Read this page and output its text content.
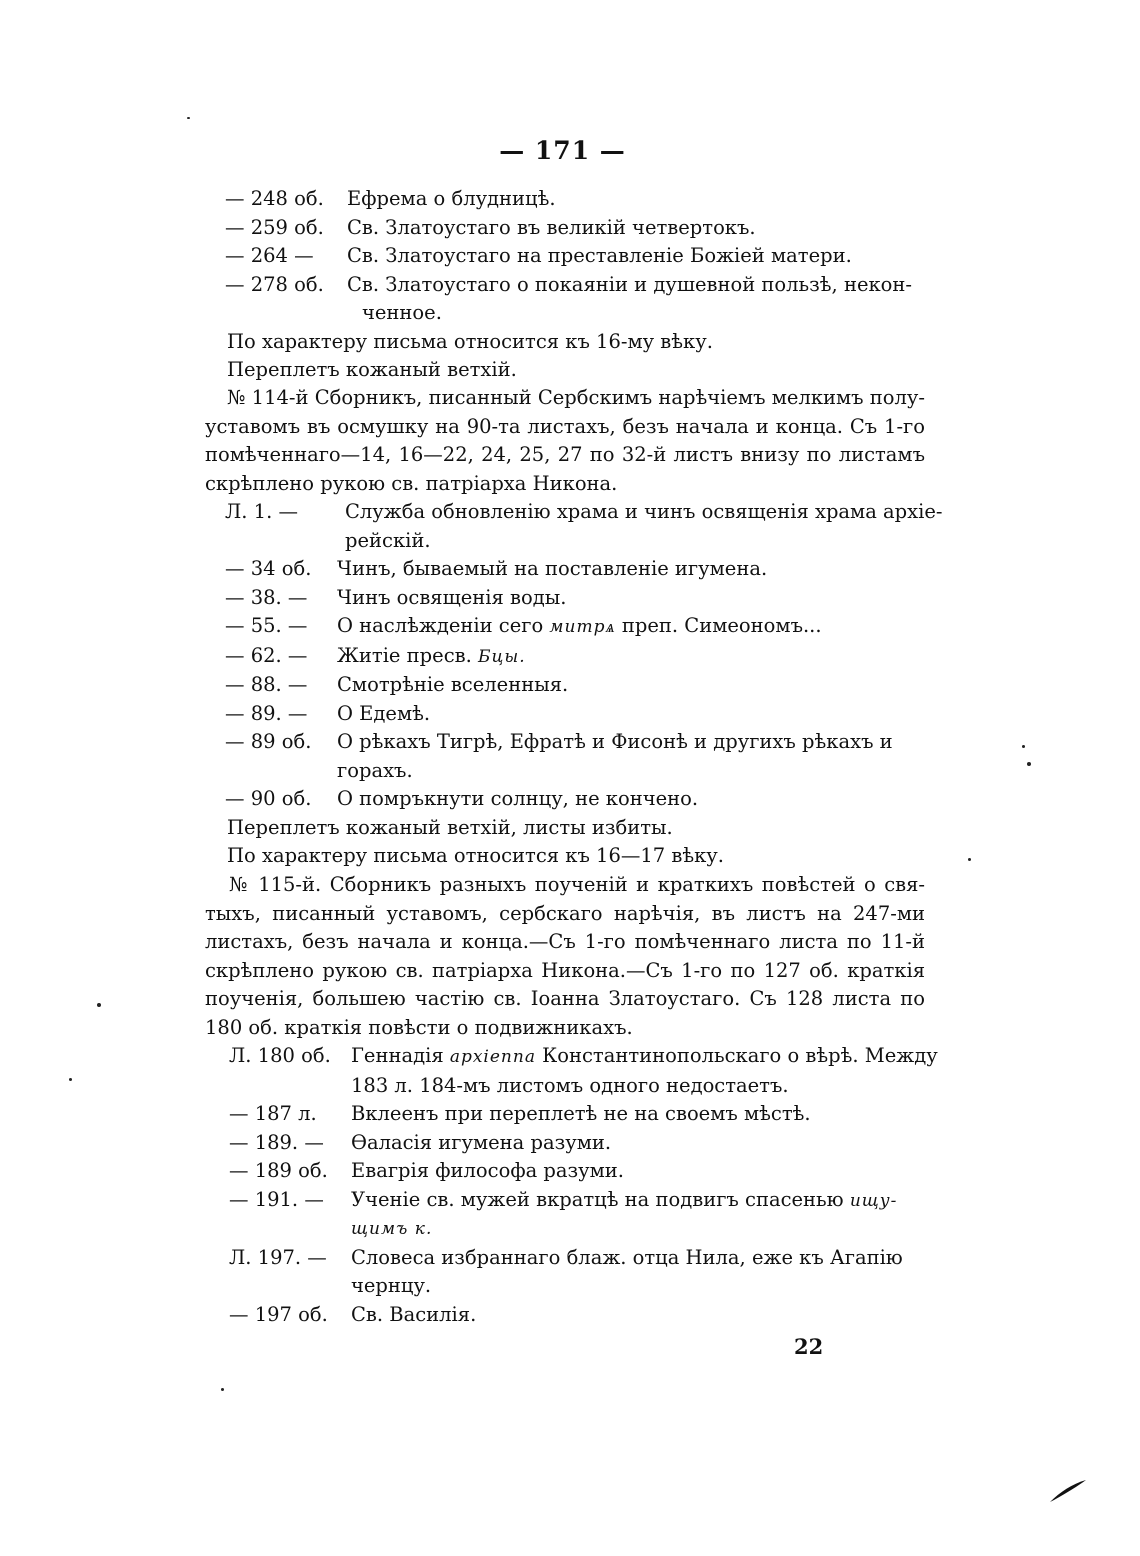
— 171 —
— 248 об. Ефрема о блудницѣ.
— 259 об. Св. Златоустаго въ великій четвертокъ.
— 264 — Св. Златоустаго на преставленіе Божіей матери.
— 278 об. Св. Златоустаго о покаяніи и душевной пользѣ, некон-
ченное.
По характеру письма относится къ 16-му вѣку.
Переплетъ кожаный ветхій.
№ 114-й Сборникъ, писанный Сербскимъ нарѣчіемъ мелкимъ полу-
уставомъ въ осмушку на 90-та листахъ, безъ начала и конца. Съ 1-го
помѣченнаго—14, 16—22, 24, 25, 27 по 32-й листъ внизу по листамъ
скрѣплено рукою св. патріарха Никона.
Л. 1. — Служба обновленію храма и чинъ освященія храма архіе-
рейскій.
— 34 об. Чинъ, бываемый на поставленіе игумена.
— 38. — Чинъ освященія воды.
— 55. — О наслѣжденіи сего митрѧ преп. Симеономъ...
— 62. — Житіе пресв. Бцы.
— 88. — Смотрѣніе вселенныя.
— 89. — О Едемѣ.
— 89 об. О рѣкахъ Тигрѣ, Ефратѣ и Фисонѣ и другихъ рѣкахъ и
горахъ.
— 90 об. О помръкнути солнцу, не кончено.
Переплетъ кожаный ветхій, листы избиты.
По характеру письма относится къ 16—17 вѣку.
№ 115-й. Сборникъ разныхъ поученій и краткихъ повѣстей о свя-
тыхъ, писанный уставомъ, сербскаго нарѣчія, въ листъ на 247-ми
листахъ, безъ начала и конца.—Съ 1-го помѣченнаго листа по 11-й
скрѣплено рукою св. патріарха Никона.—Съ 1-го по 127 об. краткія
поученія, большею частію св. Іоанна Златоустаго. Съ 128 листа по
180 об. краткія повѣсти о подвижникахъ.
Л. 180 об. Геннадія архіеппа Константинопольскаго о вѣрѣ. Между
183 л. 184-мъ листомъ одного недостаетъ.
— 187 л. Вклеенъ при переплетѣ не на своемъ мѣстѣ.
— 189. — Ѳаласія игумена разуми.
— 189 об. Евагрія философа разуми.
— 191. — Ученіе св. мужей вкратцѣ на подвигъ спасенью ищу-
щимъ к.
Л. 197. — Словеса избраннаго блаж. отца Нила, еже къ Агапію
чернцу.
— 197 об. Св. Василія.
22
